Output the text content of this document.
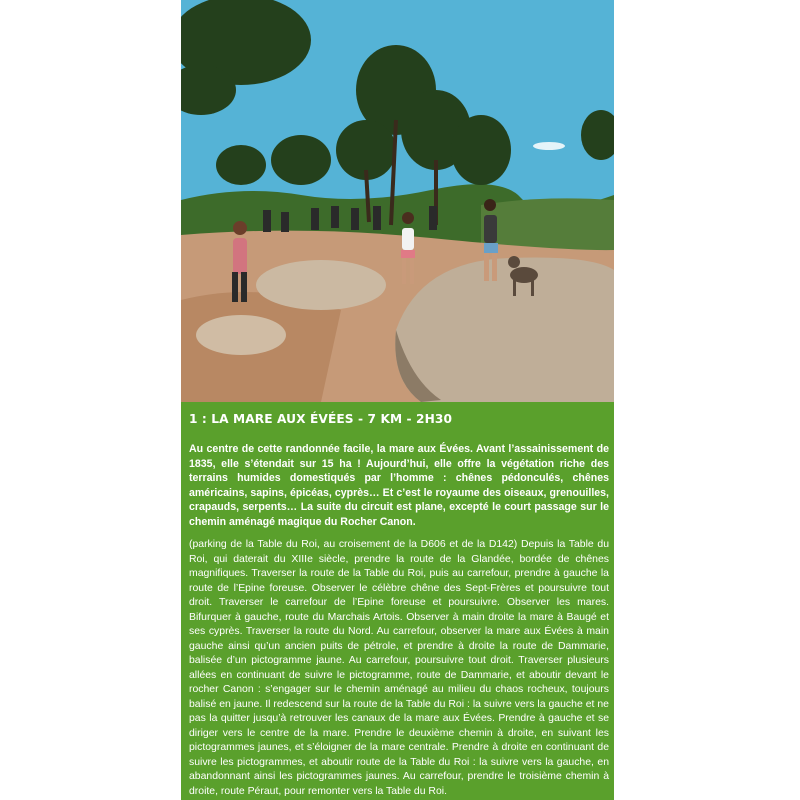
1 : LA MARE AUX ÉVÉES - 7 KM - 2H30

Au centre de cette randonnée facile, la mare aux Évées. Avant l’assainissement de 1835, elle s’étendait sur 15 ha ! Aujourd’hui, elle offre la végétation riche des terrains humides domestiqués par l’homme : chênes pédonculés, chênes américains, sapins, épicéas, cyprès… Et c’est le royaume des oiseaux, grenouilles, crapauds, serpents… La suite du circuit est plane, excepté le court passage sur le chemin aménagé magique du Rocher Canon.

(parking de la Table du Roi, au croisement de la D606 et de la D142) Depuis la Table du Roi, qui daterait du XIIIe siècle, prendre la route de la Glandée, bordée de chênes magnifiques. Traverser la route de la Table du Roi, puis au carrefour, prendre à gauche la route de l’Epine foreuse. Observer le célèbre chêne des Sept-Frères et poursuivre tout droit. Traverser le carrefour de l’Epine foreuse et poursuivre. Observer les mares. Bifurquer à gauche, route du Marchais Artois. Observer à main droite la mare à Baugé et ses cyprès. Traverser la route du Nord. Au carrefour, observer la mare aux Évées à main gauche ainsi qu’un ancien puits de pétrole, et prendre à droite la route de Dammarie, balisée d’un pictogramme jaune. Au carrefour, poursuivre tout droit. Traverser plusieurs allées en continuant de suivre le pictogramme, route de Dammarie, et aboutir devant le rocher Canon : s’engager sur le chemin aménagé au milieu du chaos rocheux, toujours balisé en jaune. Il redescend sur la route de la Table du Roi : la suivre vers la gauche et ne pas la quitter jusqu’à retrouver les canaux de la mare aux Évées. Prendre à gauche et se diriger vers le centre de la mare. Prendre le deuxième chemin à droite, en suivant les pictogrammes jaunes, et s’éloigner de la mare centrale. Prendre à droite en continuant de suivre les pictogrammes, et aboutir route de la Table du Roi : la suivre vers la gauche, en abandonnant ainsi les pictogrammes jaunes. Au carrefour, prendre le troisième chemin à droite, route Péraut, pour remonter vers la Table du Roi.
